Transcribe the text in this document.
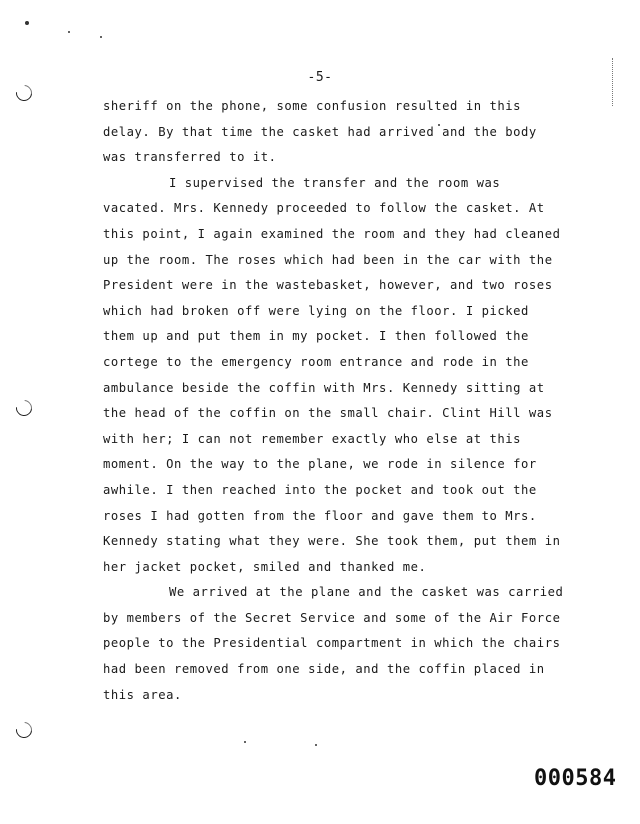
-5-
sheriff on the phone, some confusion resulted in this
delay. By that time the casket had arrived and the body
was transferred to it.
I supervised the transfer and the room was
vacated. Mrs. Kennedy proceeded to follow the casket. At
this point, I again examined the room and they had cleaned
up the room. The roses which had been in the car with the
President were in the wastebasket, however, and two roses
which had broken off were lying on the floor. I picked
them up and put them in my pocket. I then followed the
cortege to the emergency room entrance and rode in the
ambulance beside the coffin with Mrs. Kennedy sitting at
the head of the coffin on the small chair. Clint Hill was
with her; I can not remember exactly who else at this
moment. On the way to the plane, we rode in silence for
awhile. I then reached into the pocket and took out the
roses I had gotten from the floor and gave them to Mrs.
Kennedy stating what they were. She took them, put them in
her jacket pocket, smiled and thanked me.
We arrived at the plane and the casket was carried
by members of the Secret Service and some of the Air Force
people to the Presidential compartment in which the chairs
had been removed from one side, and the coffin placed in
this area.
000584
